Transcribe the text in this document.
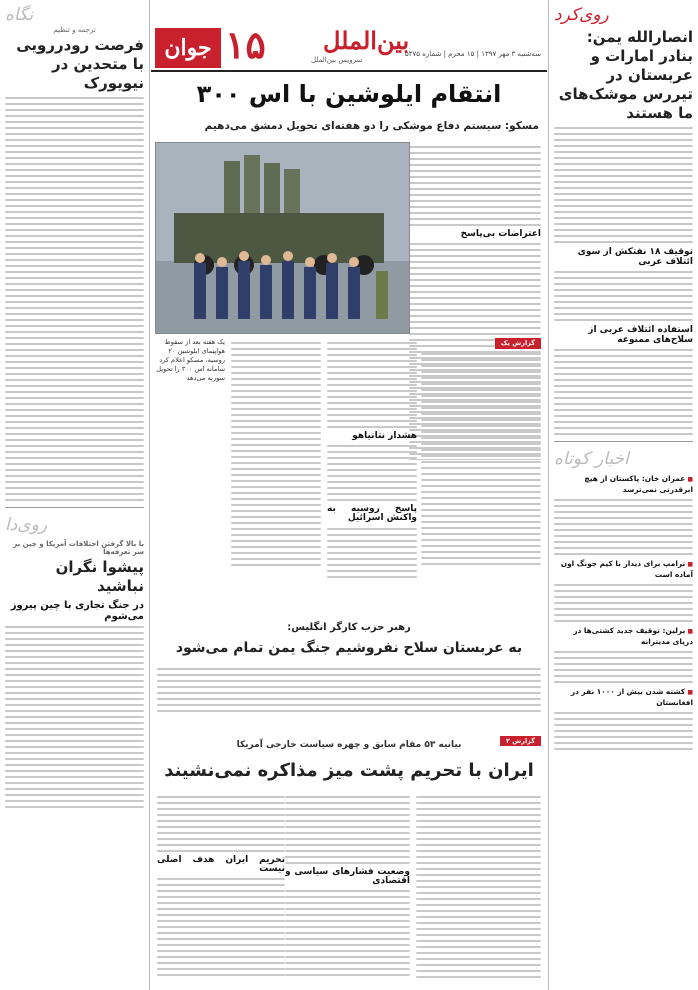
روی‌کرد
انصارالله یمن: بنادر امارات و عربستان در تیررس موشک‌های ما هستند
توقیف ۱۸ نفتکش از سوی ائتلاف عربی
استفاده ائتلاف عربی از سلاح‌های ممنوعه
اخبار کوتاه
■ عمران خان: پاکستان از هیچ ابرقدرتی نمی‌ترسد
■ ترامپ برای دیدار با کیم جونگ اون آماده است
■ برلین: توقیف جدید کشتی‌ها در دریای مدیترانه
■ کشته شدن بیش از ۱۰۰۰ نفر در افغانستان
نگاه
ترجمه و تنظیم
فرصت رودررویی با متحدین در نیویورک
روی‌دا
با بالا گرفتن اختلافات آمریکا و چین بر سر تعرفه‌ها
پیشوا نگران نباشید
در جنگ تجاری با چین پیروز می‌شوم
جوان ۱۵ بین‌الملل
سرویس بین‌الملل
سه‌شنبه ۳ مهر ۱۳۹۷ | ۱۵ محرم | شماره ۵۴۷۵
انتقام ایلوشین با اس ۳۰۰
مسکو: سیستم دفاع موشکی را دو هفته‌ای تحویل دمشق می‌دهیم
اعتراضات بی‌پاسخ
یک هفته بعد از سقوط هواپیمای ایلوشین ۲۰ روسیه، مسکو اعلام کرد سامانه اس ۳۰۰ را تحویل سوریه می‌دهد
هشدار نتانیاهو
پاسخ روسیه به واکنش اسرائیل
گزارش یک
رهبر حزب کارگر انگلیس:
به عربستان سلاح نفروشیم جنگ یمن تمام می‌شود
گزارش ۲
بیانیه ۵۳ مقام سابق و چهره سیاست خارجی آمریکا
ایران با تحریم پشت میز مذاکره نمی‌نشیند
وضعیت فشارهای سیاسی و اقتصادی
تحریم ایران هدف اصلی نیست
